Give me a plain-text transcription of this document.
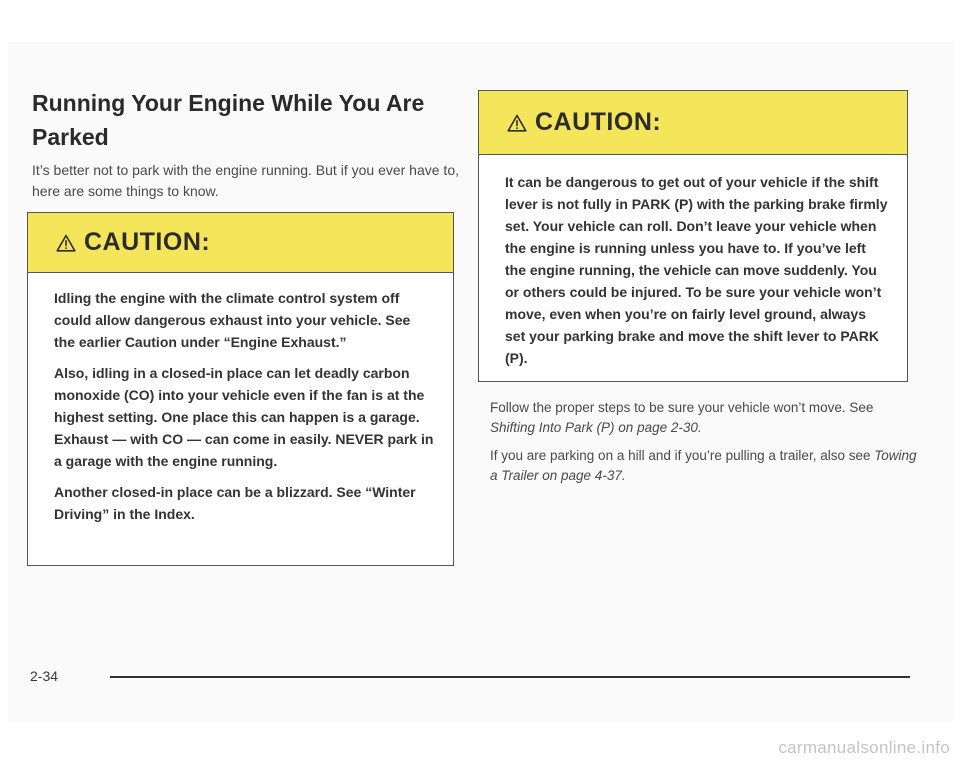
Running Your Engine While You Are Parked

It’s better not to park with the engine running. But if you ever have to, here are some things to know.

CAUTION:

Idling the engine with the climate control system off could allow dangerous exhaust into your vehicle. See the earlier Caution under “Engine Exhaust.”

Also, idling in a closed-in place can let deadly carbon monoxide (CO) into your vehicle even if the fan is at the highest setting. One place this can happen is a garage. Exhaust — with CO — can come in easily. NEVER park in a garage with the engine running.

Another closed-in place can be a blizzard. See “Winter Driving” in the Index.

CAUTION:

It can be dangerous to get out of your vehicle if the shift lever is not fully in PARK (P) with the parking brake firmly set. Your vehicle can roll. Don’t leave your vehicle when the engine is running unless you have to. If you’ve left the engine running, the vehicle can move suddenly. You or others could be injured. To be sure your vehicle won’t move, even when you’re on fairly level ground, always set your parking brake and move the shift lever to PARK (P).

Follow the proper steps to be sure your vehicle won’t move. See Shifting Into Park (P) on page 2-30.

If you are parking on a hill and if you’re pulling a trailer, also see Towing a Trailer on page 4-37.

2-34
carmanualsonline.info
